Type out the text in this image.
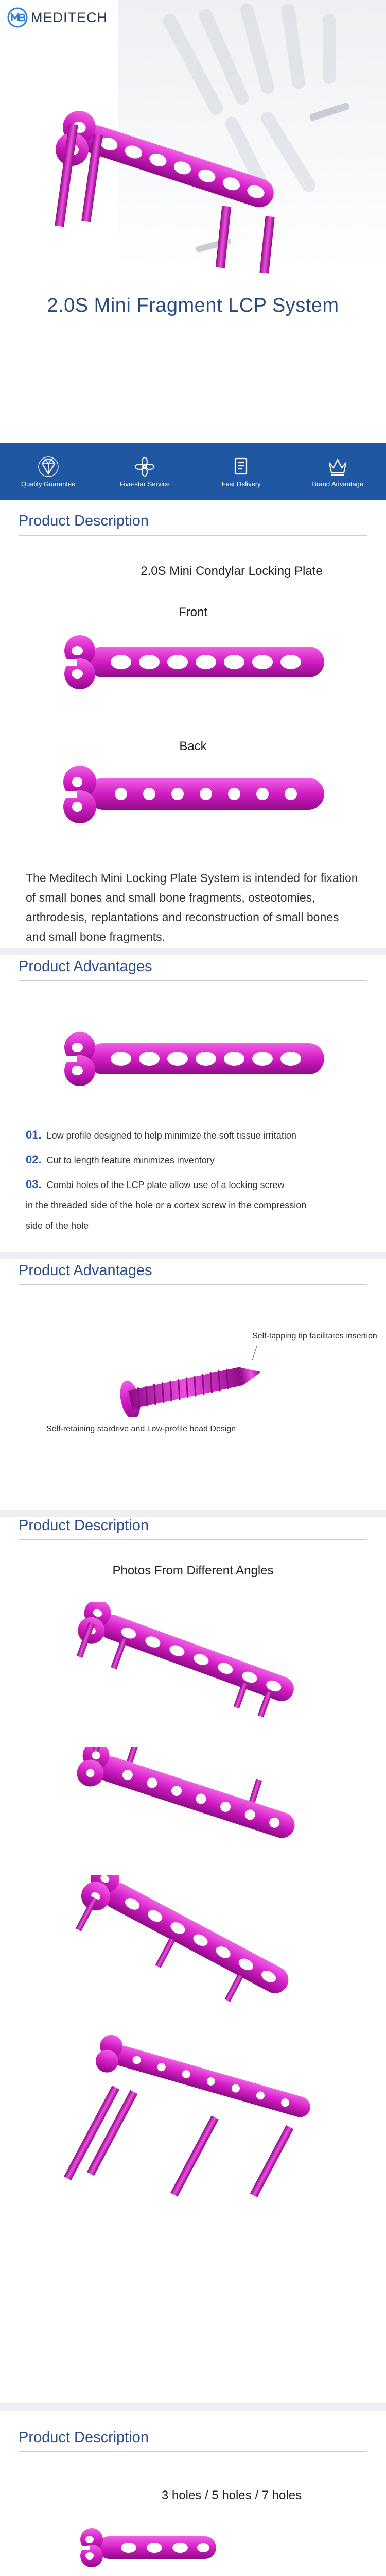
MEDITECH
2.0S Mini Fragment LCP System
Quality Guarantee	Five-star Service	Fast Delivery	Brand Advantage
Product Description
2.0S Mini Condylar Locking Plate
Front
Back
The Meditech Mini Locking Plate System is intended for fixation of small bones and small bone fragments, osteotomies, arthrodesis, replantations and reconstruction of small bones and small bone fragments.
Product Advantages
01. Low profile designed to help minimize the soft tissue irritation
02. Cut to length feature minimizes inventory
03. Combi holes of the LCP plate allow use of a locking screw
in the threaded side of the hole or a cortex screw in the compression
side of the hole
Product Advantages
Self-tapping tip facilitates insertion
Self-retaining stardrive and Low-profile head Design
Product Description
Photos From Different Angles
Product Description
3 holes / 5 holes / 7 holes
